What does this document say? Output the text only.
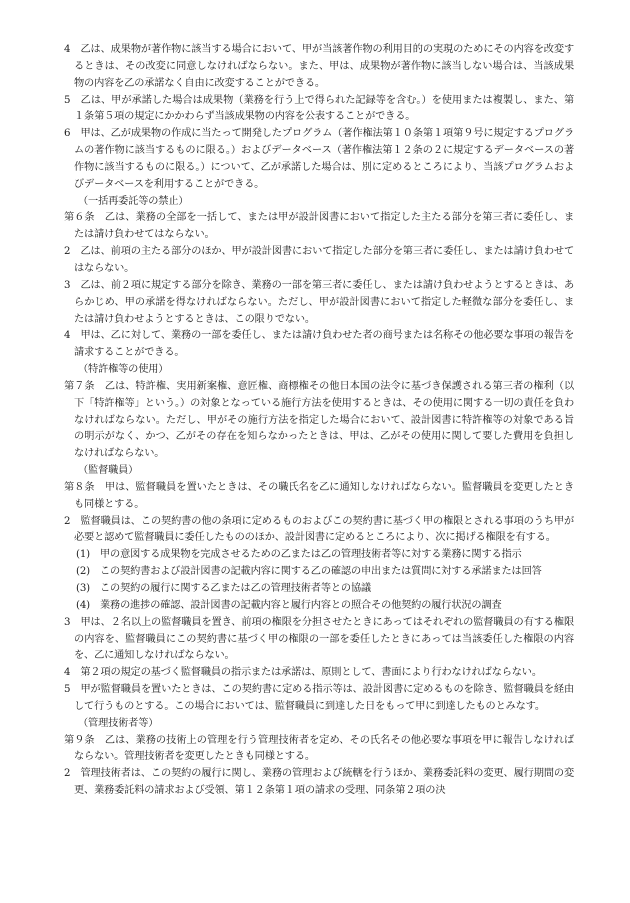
4　乙は、成果物が著作物に該当する場合において、甲が当該著作物の利用目的の実現のためにその内容を改変するときは、その改変に同意しなければならない。また、甲は、成果物が著作物に該当しない場合は、当該成果物の内容を乙の承諾なく自由に改変することができる。

5　乙は、甲が承諾した場合は成果物（業務を行う上で得られた記録等を含む。）を使用または複製し、また、第１条第５項の規定にかかわらず当該成果物の内容を公表することができる。

6　甲は、乙が成果物の作成に当たって開発したプログラム（著作権法第１０条第１項第９号に規定するプログラムの著作物に該当するものに限る。）およびデータベース（著作権法第１２条の２に規定するデータベースの著作物に該当するものに限る。）について、乙が承諾した場合は、別に定めるところにより、当該プログラムおよびデータベースを利用することができる。

（一括再委託等の禁止）

第６条　乙は、業務の全部を一括して、または甲が設計図書において指定した主たる部分を第三者に委任し、または請け負わせてはならない。

2　乙は、前項の主たる部分のほか、甲が設計図書において指定した部分を第三者に委任し、または請け負わせてはならない。

3　乙は、前２項に規定する部分を除き、業務の一部を第三者に委任し、または請け負わせようとするときは、あらかじめ、甲の承諾を得なければならない。ただし、甲が設計図書において指定した軽微な部分を委任し、または請け負わせようとするときは、この限りでない。

4　甲は、乙に対して、業務の一部を委任し、または請け負わせた者の商号または名称その他必要な事項の報告を請求することができる。

（特許権等の使用）

第７条　乙は、特許権、実用新案権、意匠権、商標権その他日本国の法令に基づき保護される第三者の権利（以下「特許権等」という。）の対象となっている施行方法を使用するときは、その使用に関する一切の責任を負わなければならない。ただし、甲がその施行方法を指定した場合において、設計図書に特許権等の対象である旨の明示がなく、かつ、乙がその存在を知らなかったときは、甲は、乙がその使用に関して要した費用を負担しなければならない。

（監督職員）

第８条　甲は、監督職員を置いたときは、その職氏名を乙に通知しなければならない。監督職員を変更したときも同様とする。

2　監督職員は、この契約書の他の条項に定めるものおよびこの契約書に基づく甲の権限とされる事項のうち甲が必要と認めて監督職員に委任したもののほか、設計図書に定めるところにより、次に掲げる権限を有する。

(1)　甲の意図する成果物を完成させるための乙または乙の管理技術者等に対する業務に関する指示

(2)　この契約書および設計図書の記載内容に関する乙の確認の申出または質問に対する承諾または回答

(3)　この契約の履行に関する乙または乙の管理技術者等との協議

(4)　業務の進捗の確認、設計図書の記載内容と履行内容との照合その他契約の履行状況の調査

3　甲は、２名以上の監督職員を置き、前項の権限を分担させたときにあってはそれぞれの監督職員の有する権限の内容を、監督職員にこの契約書に基づく甲の権限の一部を委任したときにあっては当該委任した権限の内容を、乙に通知しなければならない。

4　第２項の規定の基づく監督職員の指示または承諾は、原則として、書面により行わなければならない。

5　甲が監督職員を置いたときは、この契約書に定める指示等は、設計図書に定めるものを除き、監督職員を経由して行うものとする。この場合においては、監督職員に到達した日をもって甲に到達したものとみなす。

（管理技術者等）

第９条　乙は、業務の技術上の管理を行う管理技術者を定め、その氏名その他必要な事項を甲に報告しなければならない。管理技術者を変更したときも同様とする。

2　管理技術者は、この契約の履行に関し、業務の管理および統轄を行うほか、業務委託料の変更、履行期間の変更、業務委託料の請求および受領、第１２条第１項の請求の受理、同条第２項の決
